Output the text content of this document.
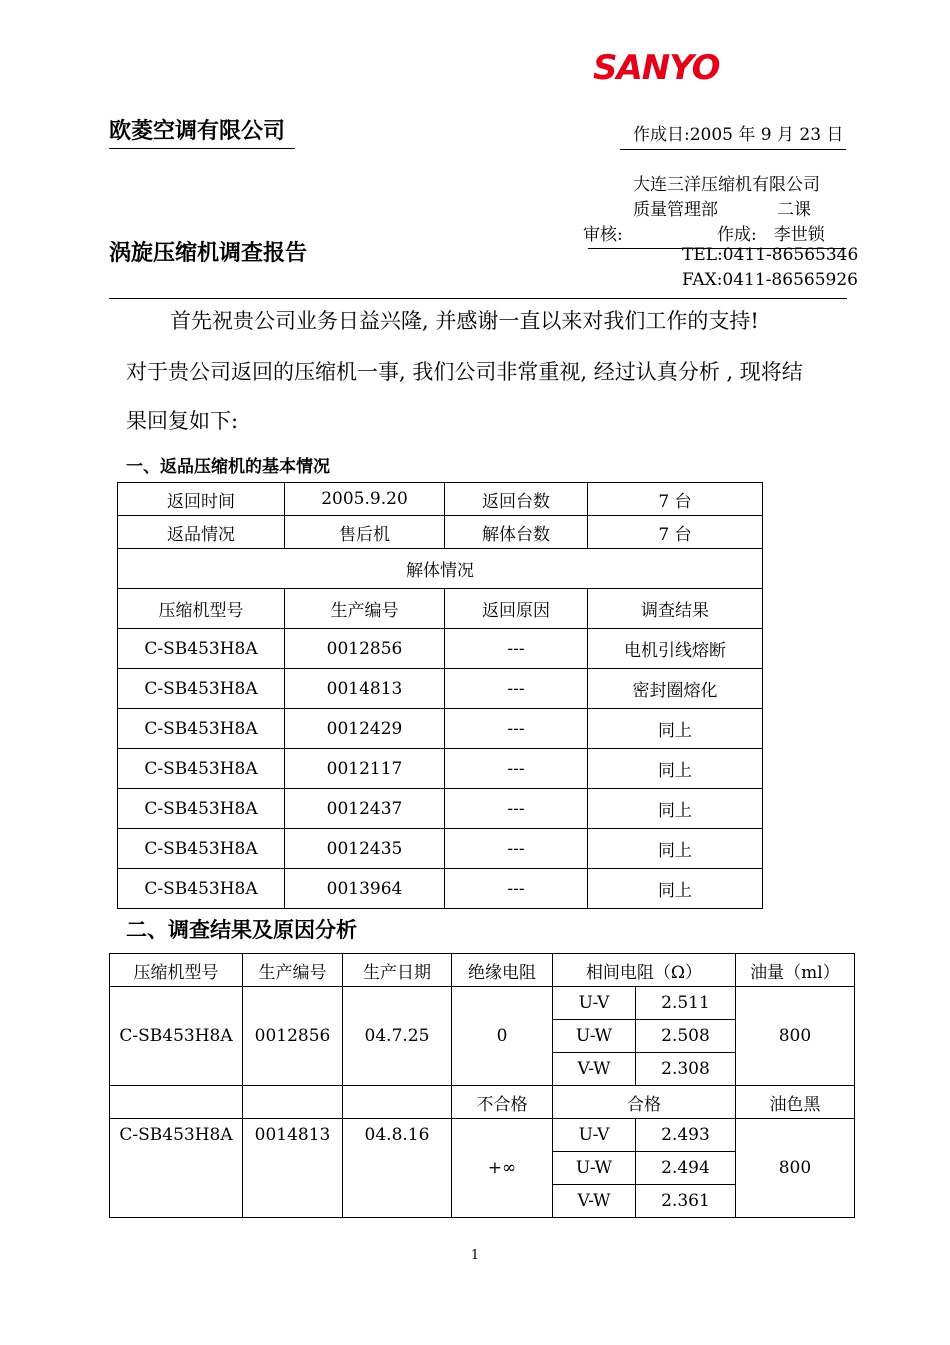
SANYO
欧菱空调有限公司	作成日:2005 年 9 月 23 日
大连三洋压缩机有限公司
质量管理部	二课
审核:	作成:　李世锁
TEL:0411-86565346
FAX:0411-86565926
涡旋压缩机调查报告
首先祝贵公司业务日益兴隆, 并感谢一直以来对我们工作的支持!
对于贵公司返回的压缩机一事, 我们公司非常重视, 经过认真分析 , 现将结
果回复如下:
一、返品压缩机的基本情况
返回时间	2005.9.20	返回台数	7 台
返品情况	售后机	解体台数	7 台
解体情况			
压缩机型号	生产编号	返回原因	调查结果
C-SB453H8A	0012856	---	电机引线熔断
C-SB453H8A	0014813	---	密封圈熔化
C-SB453H8A	0012429	---	同上
C-SB453H8A	0012117	---	同上
C-SB453H8A	0012437	---	同上
C-SB453H8A	0012435	---	同上
C-SB453H8A	0013964	---	同上
二、调查结果及原因分析
压缩机型号	生产编号	生产日期	绝缘电阻	相间电阻（Ω）		油量（ml）
C-SB453H8A	0012856	04.7.25	0	U-V	2.511	800
				U-W	2.508	
				V-W	2.308	
			不合格	合格		油色黑
C-SB453H8A	0014813	04.8.16	+∞	U-V	2.493	800
				U-W	2.494	
				V-W	2.361	
1
